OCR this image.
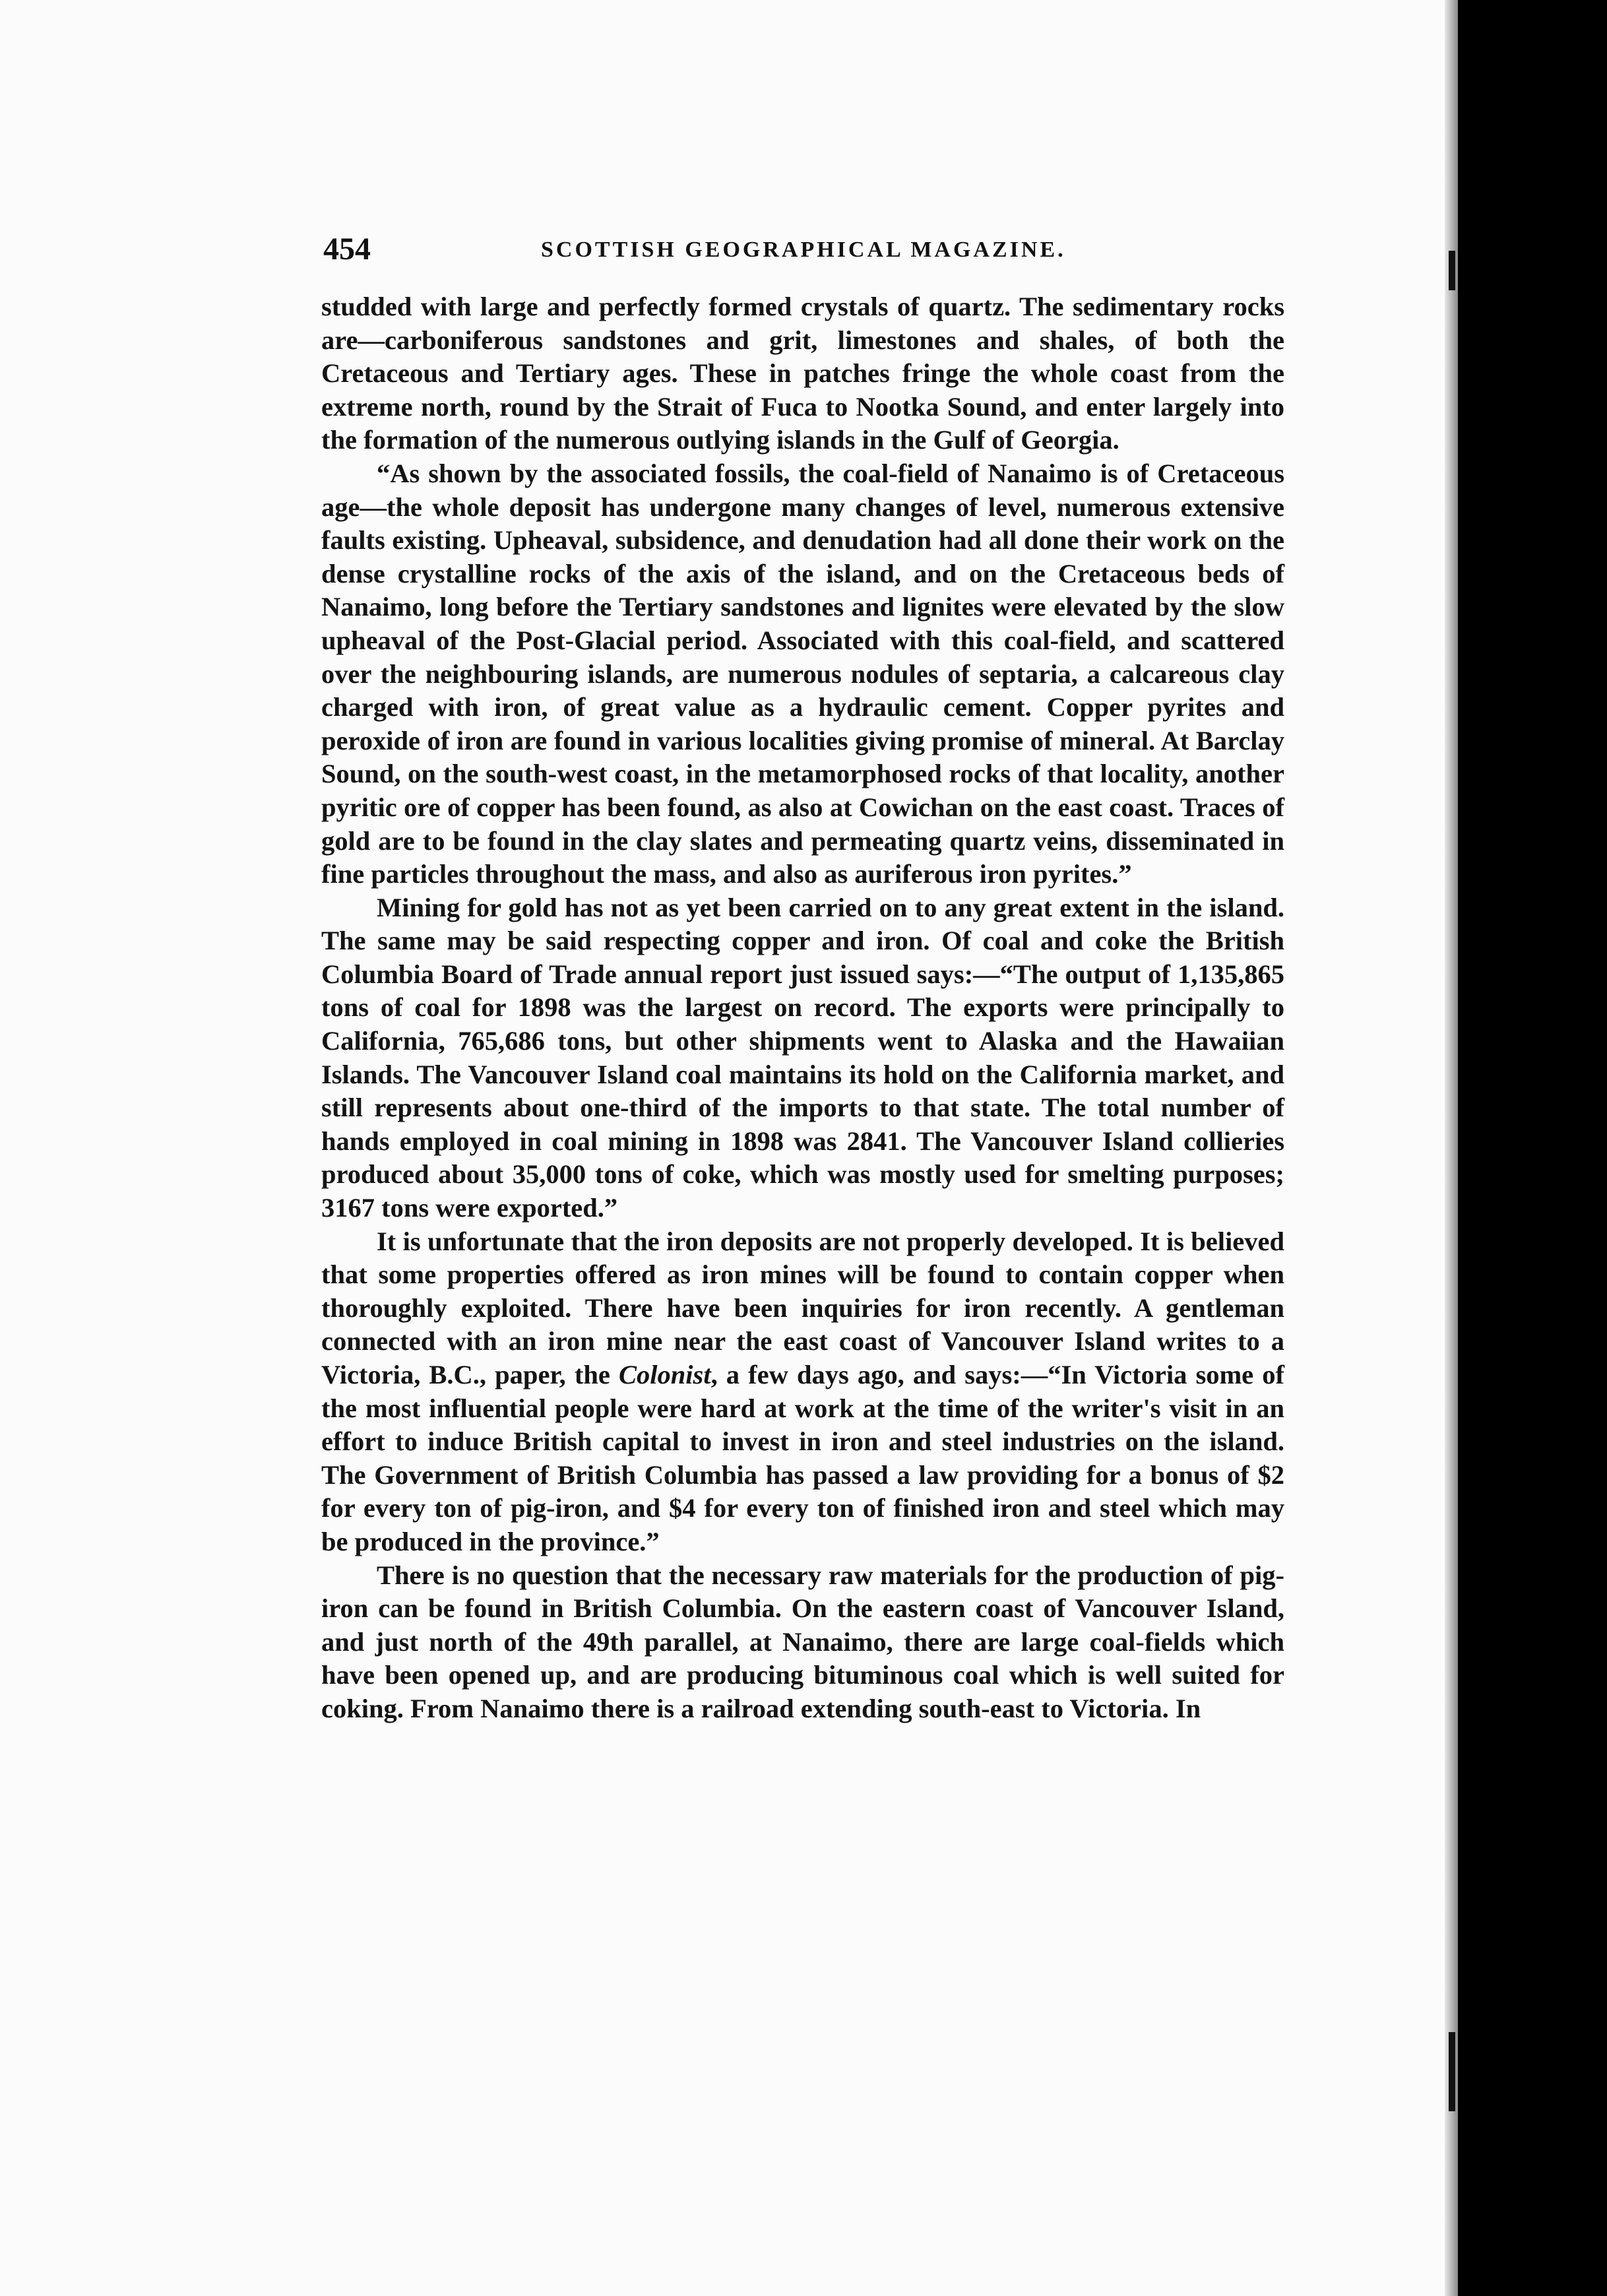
454	SCOTTISH GEOGRAPHICAL MAGAZINE.

studded with large and perfectly formed crystals of quartz. The sedimentary rocks are—carboniferous sandstones and grit, limestones and shales, of both the Cretaceous and Tertiary ages. These in patches fringe the whole coast from the extreme north, round by the Strait of Fuca to Nootka Sound, and enter largely into the formation of the numerous outlying islands in the Gulf of Georgia.

“As shown by the associated fossils, the coal-field of Nanaimo is of Cretaceous age—the whole deposit has undergone many changes of level, numerous extensive faults existing. Upheaval, subsidence, and denudation had all done their work on the dense crystalline rocks of the axis of the island, and on the Cretaceous beds of Nanaimo, long before the Tertiary sandstones and lignites were elevated by the slow upheaval of the Post-Glacial period. Associated with this coal-field, and scattered over the neighbouring islands, are numerous nodules of septaria, a calcareous clay charged with iron, of great value as a hydraulic cement. Copper pyrites and peroxide of iron are found in various localities giving promise of mineral. At Barclay Sound, on the south-west coast, in the metamorphosed rocks of that locality, another pyritic ore of copper has been found, as also at Cowichan on the east coast. Traces of gold are to be found in the clay slates and permeating quartz veins, disseminated in fine particles throughout the mass, and also as auriferous iron pyrites.”

Mining for gold has not as yet been carried on to any great extent in the island. The same may be said respecting copper and iron. Of coal and coke the British Columbia Board of Trade annual report just issued says:—“The output of 1,135,865 tons of coal for 1898 was the largest on record. The exports were principally to California, 765,686 tons, but other shipments went to Alaska and the Hawaiian Islands. The Vancouver Island coal maintains its hold on the California market, and still represents about one-third of the imports to that state. The total number of hands employed in coal mining in 1898 was 2841. The Vancouver Island collieries produced about 35,000 tons of coke, which was mostly used for smelting purposes; 3167 tons were exported.”

It is unfortunate that the iron deposits are not properly developed. It is believed that some properties offered as iron mines will be found to contain copper when thoroughly exploited. There have been inquiries for iron recently. A gentleman connected with an iron mine near the east coast of Vancouver Island writes to a Victoria, B.C., paper, the Colonist, a few days ago, and says:—“In Victoria some of the most influential people were hard at work at the time of the writer's visit in an effort to induce British capital to invest in iron and steel industries on the island. The Government of British Columbia has passed a law providing for a bonus of $2 for every ton of pig-iron, and $4 for every ton of finished iron and steel which may be produced in the province.”

There is no question that the necessary raw materials for the production of pig-iron can be found in British Columbia. On the eastern coast of Vancouver Island, and just north of the 49th parallel, at Nanaimo, there are large coal-fields which have been opened up, and are producing bituminous coal which is well suited for coking. From Nanaimo there is a railroad extending south-east to Victoria. In
